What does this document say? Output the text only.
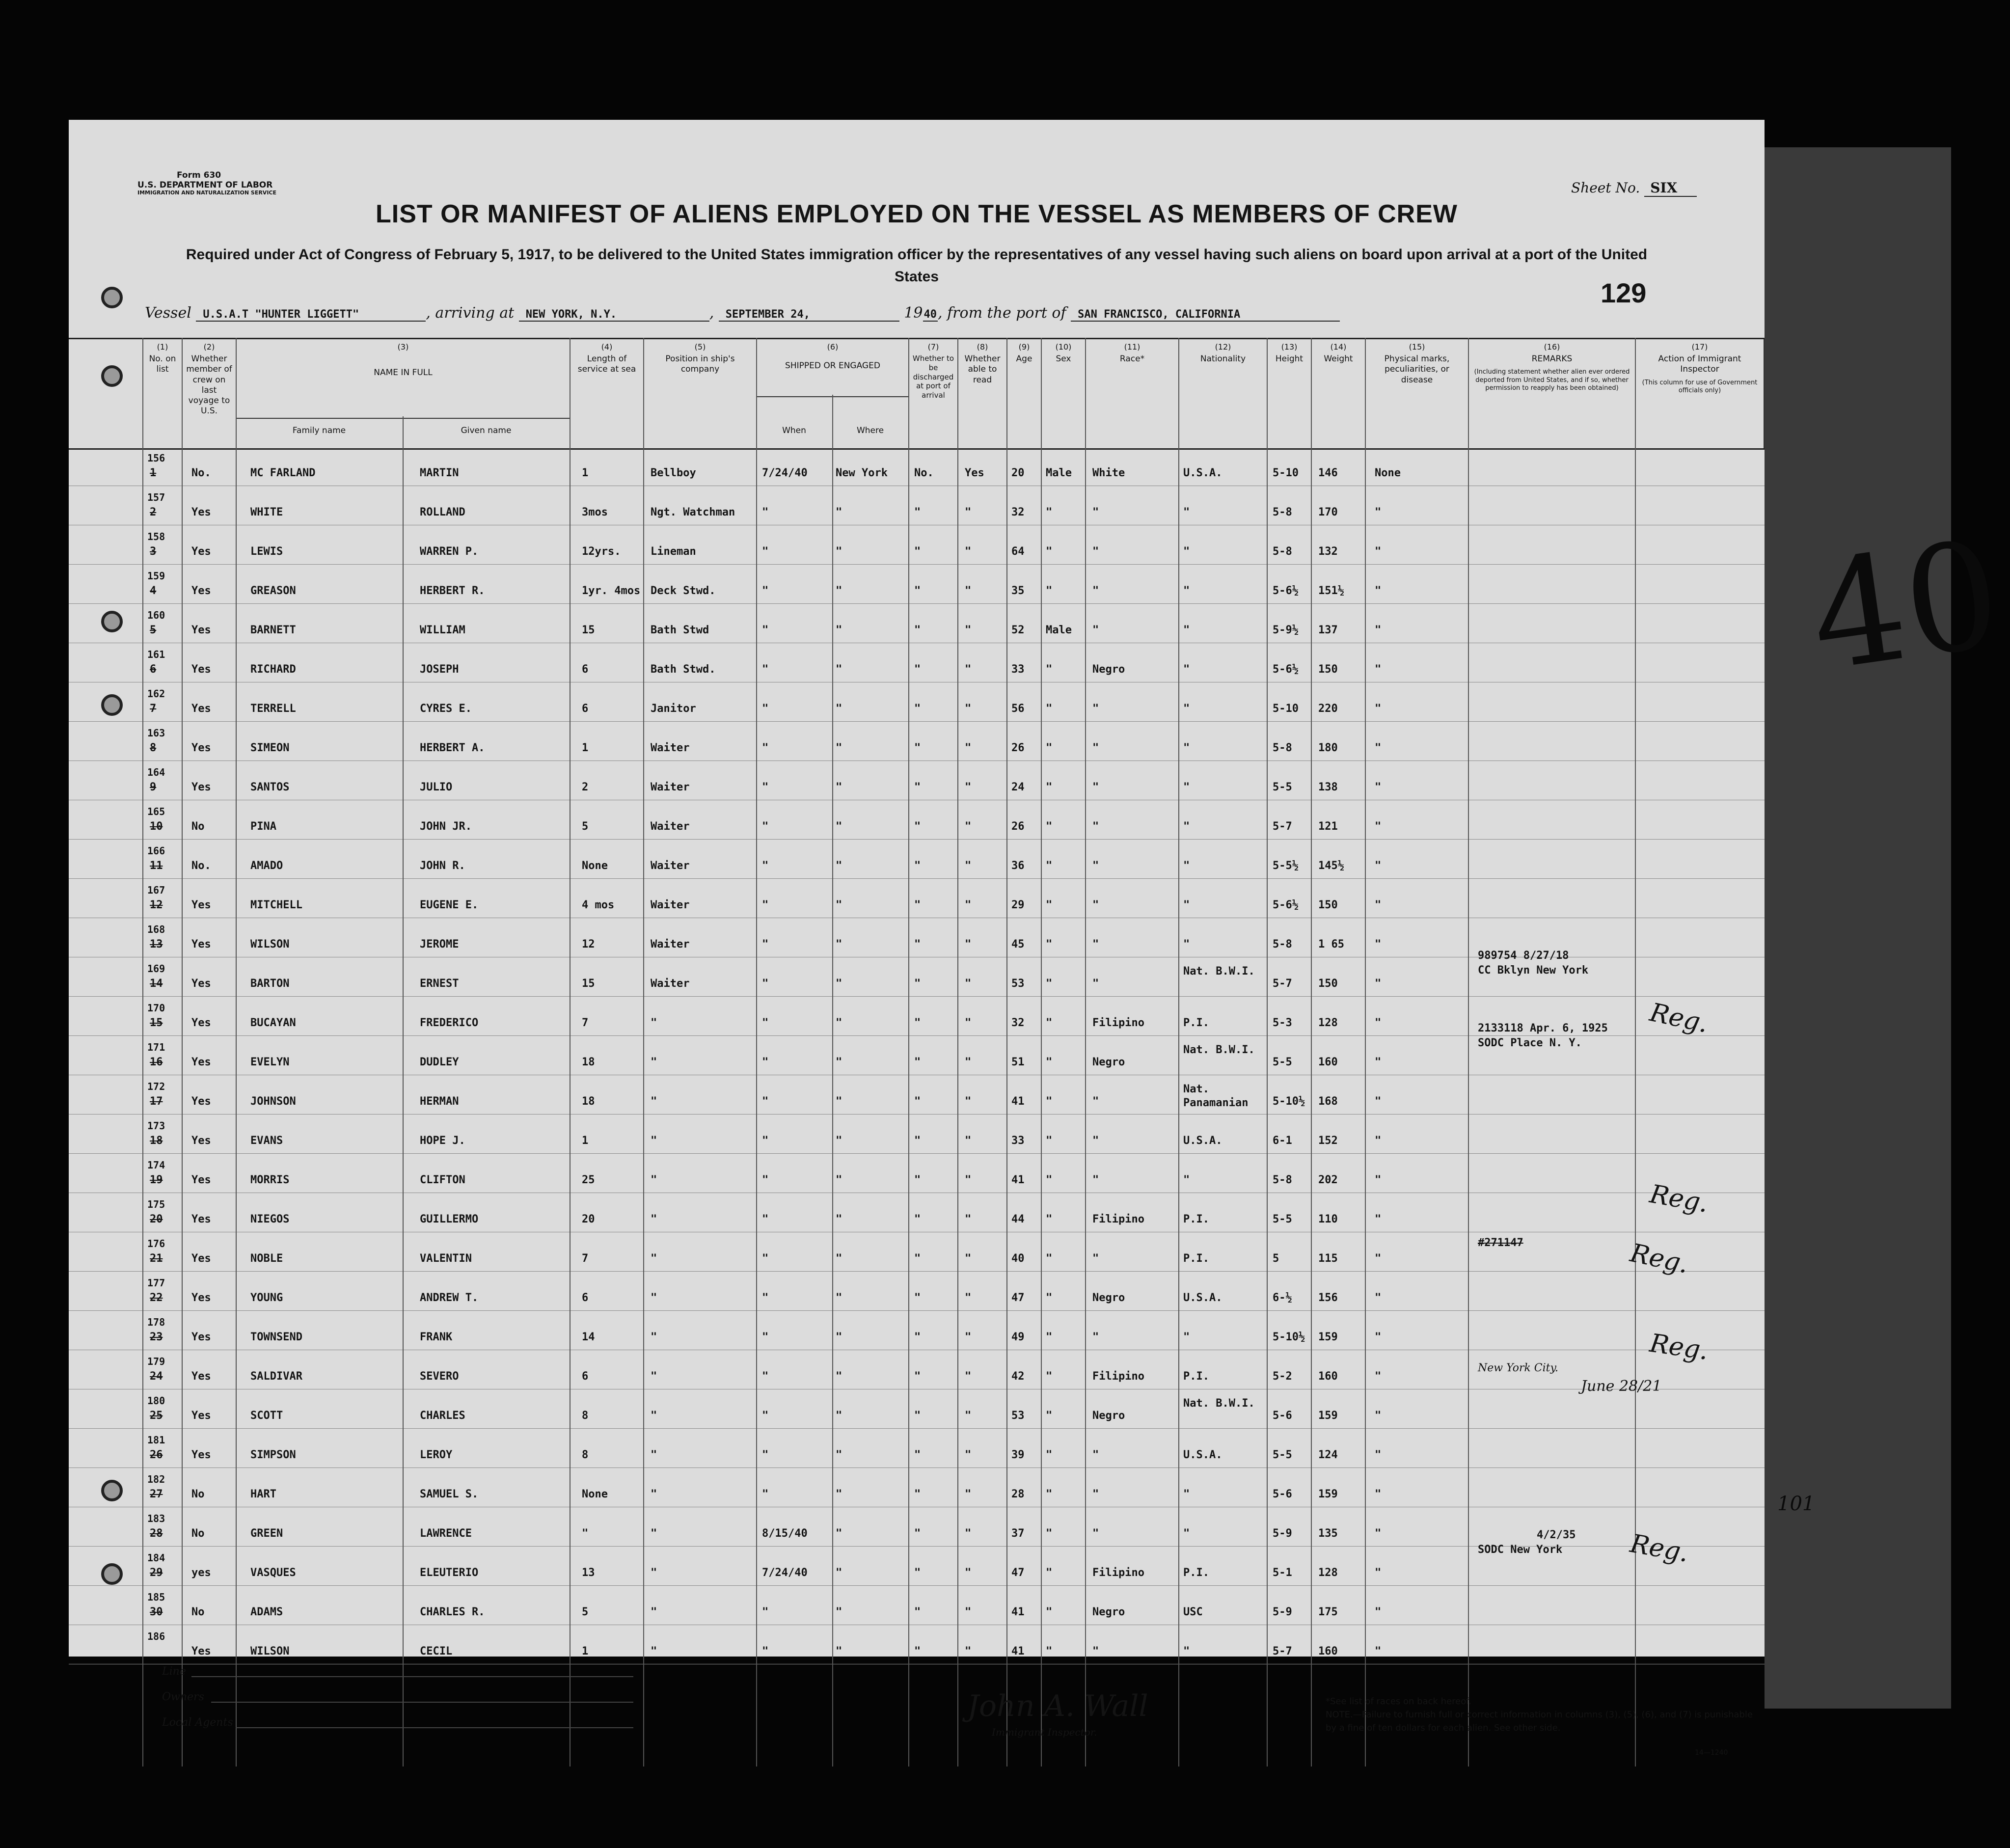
40
Form 630
U.S. DEPARTMENT OF LABOR
IMMIGRATION AND NATURALIZATION SERVICE	Sheet No. SIX
LIST OR MANIFEST OF ALIENS EMPLOYED ON THE VESSEL AS MEMBERS OF CREW
Required under Act of Congress of February 5, 1917, to be delivered to the United States immigration officer by the representatives of any vessel having such aliens on board upon arrival at a port of the United States
129
Vessel U.S.A.T "HUNTER LIGGETT"	, arriving at NEW YORK, N.Y.	, SEPTEMBER 24,	1940, from the port of SAN FRANCISCO, CALIFORNIA
(1)
No. on list
(2)
Whether member of crew on last voyage to U.S.
(3)
NAME IN FULL
Family name	Given name
(4)
Length of service at sea
(5)
Position in ship's company
(6)
SHIPPED OR ENGAGED
When	Where
(7)
Whether to be discharged at port of arrival
(8)
Whether able to read
(9)
Age
(10)
Sex
(11)
Race*
(12)
Nationality
(13)
Height
(14)
Weight
(15)
Physical marks, peculiarities, or disease
(16)
REMARKS
(Including statement whether alien ever ordered deported from United States, and if so, whether permission to reapply has been obtained)
(17)
Action of Immigrant Inspector
(This column for use of Government officials only)
156
1	No.	MC FARLAND	MARTIN	1	Bellboy	7/24/40	New York No.	Yes	20 Male White	U.S.A.	5-10 146	None
157
2	Yes	WHITE	ROLLAND	3mos	Ngt. Watchman "	"	"	"	32 "	"	"	5-8 170	"
158
3	Yes	LEWIS	WARREN P.	12yrs.	Lineman	"	"	"	"	64 "	"	"	5-8 132	"
159
4	Yes	GREASON	HERBERT R.	1yr. 4mos Deck Stwd.	"	"	"	"	35 "	"	"	5-6½ 151½	"
160
5	Yes	BARNETT	WILLIAM	15	Bath Stwd	"	"	"	"	52 Male "	"	5-9½ 137	"
161
6	Yes	RICHARD	JOSEPH	6	Bath Stwd.	"	"	"	"	33 "	Negro	"	5-6½ 150	"
162
7	Yes	TERRELL	CYRES E.	6	Janitor	"	"	"	"	56 "	"	"	5-10 220	"
163
8	Yes	SIMEON	HERBERT A.	1	Waiter	"	"	"	"	26 "	"	"	5-8 180	"
164
9	Yes	SANTOS	JULIO	2	Waiter	"	"	"	"	24 "	"	"	5-5 138	"
165
10	No	PINA	JOHN JR.	5	Waiter	"	"	"	"	26 "	"	"	5-7 121	"
166
11	No.	AMADO	JOHN R.	None	Waiter	"	"	"	"	36 "	"	"	5-5½ 145½	"
167
12	Yes	MITCHELL	EUGENE E.	4 mos	Waiter	"	"	"	"	29 "	"	"	5-6½ 150	"
168
13	Yes	WILSON	JEROME	12	Waiter	"	"	"	"	45 "	"	"	5-8 1 65	"
169
14	Yes	BARTON	ERNEST	15	Waiter	"	"	"	"	53 "	"
Nat. B.W.I.
5-7 150	"
170
15	Yes	BUCAYAN	FREDERICO	7	"	"	"	"	"	32 "	Filipino	P.I.	5-3 128	"
171
16	Yes	EVELYN	DUDLEY	18	"	"	"	"	"	51 "	Negro
Nat. B.W.I.
5-5 160	"
172
17	Yes	JOHNSON	HERMAN	18	"	"	"	"	"	41 "	"
Nat. Panamanian	5-10½ 168	"
173
18	Yes	EVANS	HOPE J.	1	"	"	"	"	"	33 "	"	U.S.A.	6-1 152	"
174
19	Yes	MORRIS	CLIFTON	25	"	"	"	"	"	41 "	"	"	5-8 202	"
175
20	Yes	NIEGOS	GUILLERMO	20	"	"	"	"	"	44 "	Filipino	P.I.	5-5 110	"
176
21	Yes	NOBLE	VALENTIN	7	"	"	"	"	"	40 "	"	P.I.	5	115	"
177
22	Yes	YOUNG	ANDREW T.	6	"	"	"	"	"	47 "	Negro	U.S.A.	6-½ 156	"
178
23	Yes	TOWNSEND	FRANK	14	"	"	"	"	"	49 "	"	"	5-10½ 159	"
179
24	Yes	SALDIVAR	SEVERO	6	"	"	"	"	"	42 "	Filipino	P.I.	5-2 160	"
180
25	Yes	SCOTT	CHARLES	8	"	"	"	"	"	53 "	Negro
Nat. B.W.I.
5-6 159	"
181
26	Yes	SIMPSON	LEROY	8	"	"	"	"	"	39 "	"	U.S.A.	5-5 124	"
182
27	No	HART	SAMUEL S.	None	"	"	"	"	"	28 "	"	"	5-6 159	"
183
28	No	GREEN	LAWRENCE	"	"	8/15/40	"	"	"	37 "	"	"	5-9 135	"
184
29	yes	VASQUES	ELEUTERIO	13	"	7/24/40	"	"	"	47 "	Filipino	P.I.	5-1 128	"
185
30	No	ADAMS	CHARLES R.	5	"	"	"	"	"	41 "	Negro	USC	5-9 175	"
186
Yes	WILSON	CECIL	1	"	"	"	"	"	41 "	"	"	5-7 160	"
989754 8/27/18
CC Bklyn New York
2133118 Apr. 6, 1925
SODC Place N. Y.
#271147
New York City.
June 28/21
4/2/35
SODC New York
Reg.
Reg.
Reg.
Reg.
Reg.
Line
Owners
Local Agents	John A. Wall
Immigrant Inspector.
*See list of races on back hereof.
NOTE.—Failure to furnish full or correct information in columns (3), (5), (6), and (7) is punishable by a fine of ten dollars for each alien. See other side.
14—1240
101
